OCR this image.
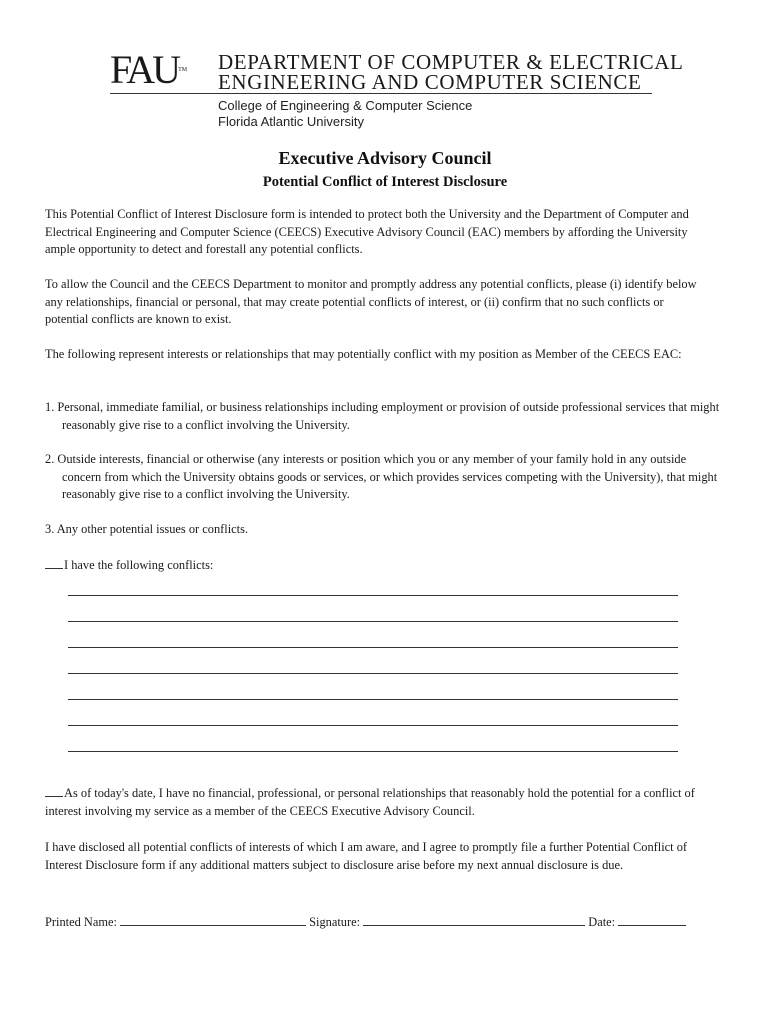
FAU™	DEPARTMENT OF COMPUTER & ELECTRICAL
ENGINEERING AND COMPUTER SCIENCE
College of Engineering & Computer Science
Florida Atlantic University
Executive Advisory Council
Potential Conflict of Interest Disclosure

This Potential Conflict of Interest Disclosure form is intended to protect both the University and the Department of Computer and Electrical Engineering and Computer Science (CEECS) Executive Advisory Council (EAC) members by affording the University ample opportunity to detect and forestall any potential conflicts.

To allow the Council and the CEECS Department to monitor and promptly address any potential conflicts, please (i) identify below any relationships, financial or personal, that may create potential conflicts of interest, or (ii) confirm that no such conflicts or potential conflicts are known to exist.

The following represent interests or relationships that may potentially conflict with my position as Member of the CEECS EAC:

1. Personal, immediate familial, or business relationships including employment or provision of outside professional services that might reasonably give rise to a conflict involving the University.

2. Outside interests, financial or otherwise (any interests or position which you or any member of your family hold in any outside concern from which the University obtains goods or services, or which provides services competing with the University), that might reasonably give rise to a conflict involving the University.

3. Any other potential issues or conflicts.

I have the following conflicts:
As of today's date, I have no financial, professional, or personal relationships that reasonably hold the potential for a conflict of interest involving my service as a member of the CEECS Executive Advisory Council.

I have disclosed all potential conflicts of interests of which I am aware, and I agree to promptly file a further Potential Conflict of Interest Disclosure form if any additional matters subject to disclosure arise before my next annual disclosure is due.

Printed Name:	Signature:	Date:
